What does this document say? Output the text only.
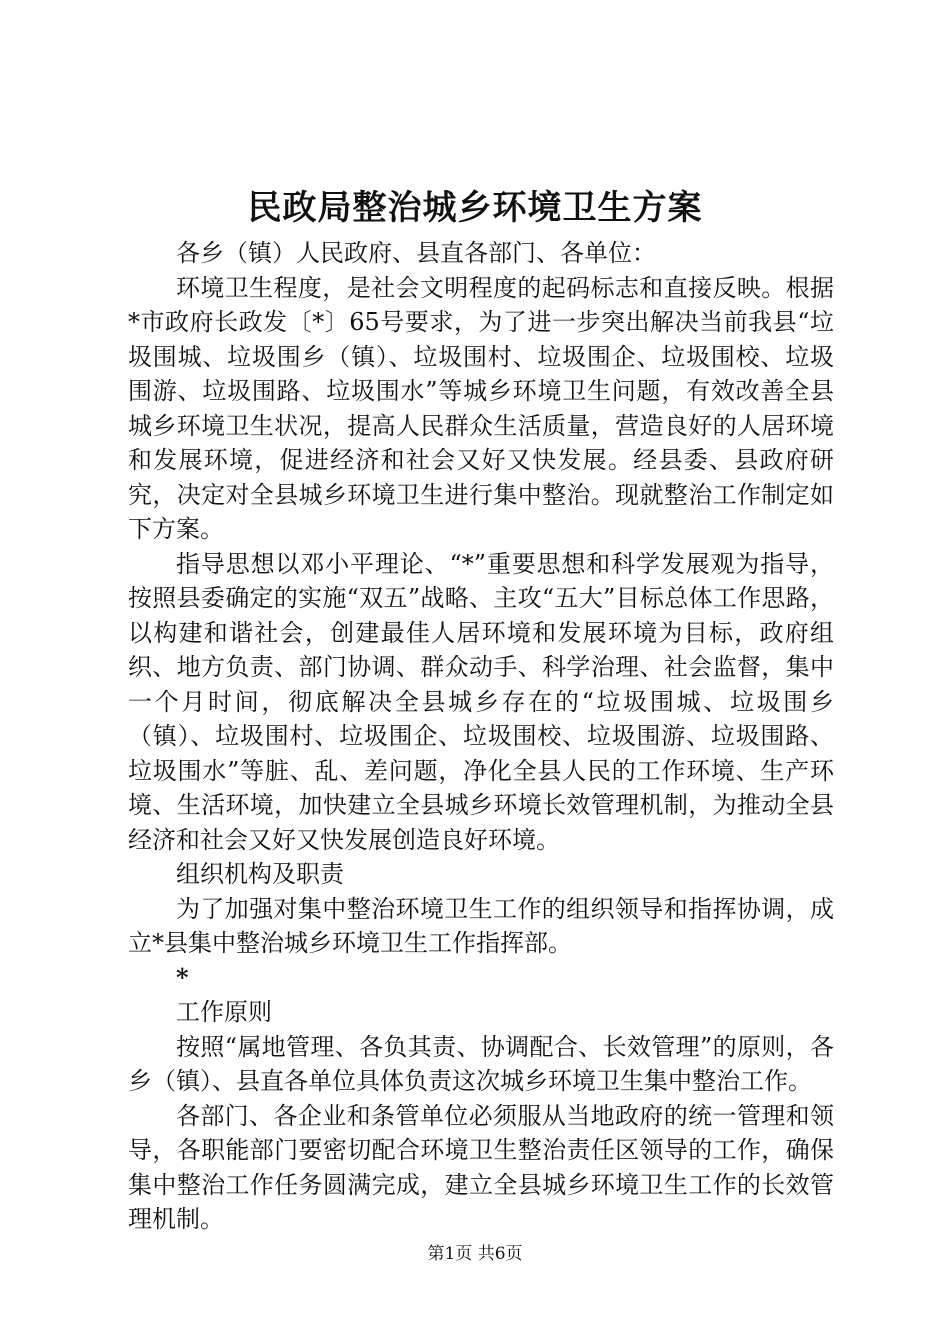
民政局整治城乡环境卫生方案

各乡（镇）人民政府、县直各部门、各单位：

环境卫生程度，是社会文明程度的起码标志和直接反映。根据*市政府长政发〔*〕65号要求，为了进一步突出解决当前我县“垃圾围城、垃圾围乡（镇）、垃圾围村、垃圾围企、垃圾围校、垃圾围游、垃圾围路、垃圾围水”等城乡环境卫生问题，有效改善全县城乡环境卫生状况，提高人民群众生活质量，营造良好的人居环境和发展环境，促进经济和社会又好又快发展。经县委、县政府研究，决定对全县城乡环境卫生进行集中整治。现就整治工作制定如下方案。

指导思想以邓小平理论、“*”重要思想和科学发展观为指导，按照县委确定的实施“双五”战略、主攻“五大”目标总体工作思路，以构建和谐社会，创建最佳人居环境和发展环境为目标，政府组织、地方负责、部门协调、群众动手、科学治理、社会监督，集中一个月时间，彻底解决全县城乡存在的“垃圾围城、垃圾围乡（镇）、垃圾围村、垃圾围企、垃圾围校、垃圾围游、垃圾围路、垃圾围水”等脏、乱、差问题，净化全县人民的工作环境、生产环境、生活环境，加快建立全县城乡环境长效管理机制，为推动全县经济和社会又好又快发展创造良好环境。

组织机构及职责

为了加强对集中整治环境卫生工作的组织领导和指挥协调，成立*县集中整治城乡环境卫生工作指挥部。

*

工作原则

按照“属地管理、各负其责、协调配合、长效管理”的原则，各乡（镇）、县直各单位具体负责这次城乡环境卫生集中整治工作。

各部门、各企业和条管单位必须服从当地政府的统一管理和领导，各职能部门要密切配合环境卫生整治责任区领导的工作，确保集中整治工作任务圆满完成，建立全县城乡环境卫生工作的长效管理机制。

第1页 共6页
